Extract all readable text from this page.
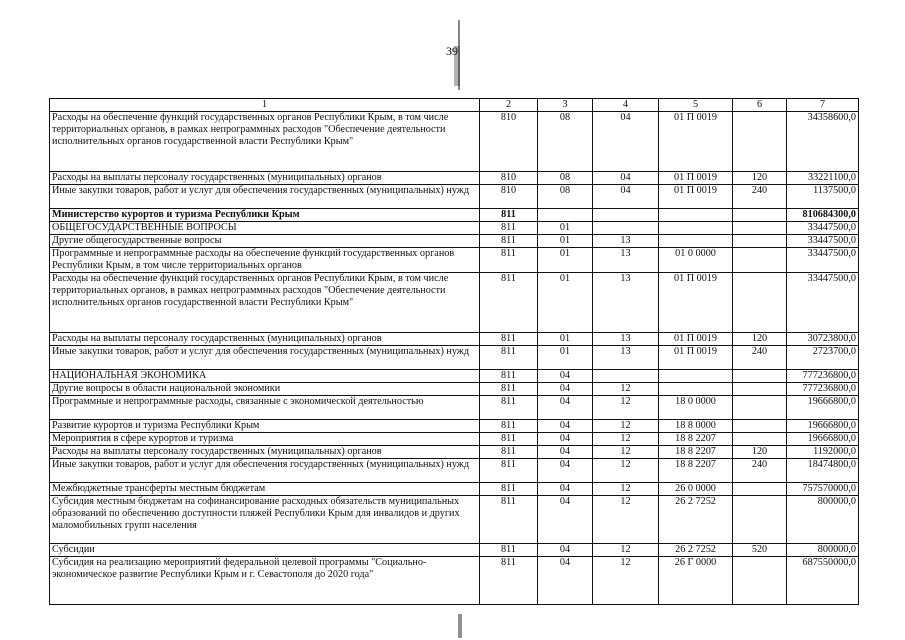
39
1	2	3	4	5	6	7
Расходы на обеспечение функций государственных органов Республики Крым, в том числе территориальных органов, в рамках непрограммных расходов "Обеспечение деятельности исполнительных органов государственной власти Республики Крым"	810	08	04	01 П 0019		34358600,0
Расходы на выплаты персоналу государственных (муниципальных) органов	810	08	04	01 П 0019	120	33221100,0
Иные закупки товаров, работ и услуг для обеспечения государственных (муниципальных) нужд	810	08	04	01 П 0019	240	1137500,0
Министерство курортов и туризма Республики Крым	811					810684300,0
ОБЩЕГОСУДАРСТВЕННЫЕ ВОПРОСЫ	811	01				33447500,0
Другие общегосударственные вопросы	811	01	13			33447500,0
Программные и непрограммные расходы на обеспечение функций государственных органов Республики Крым, в том числе территориальных органов	811	01	13	01 0 0000		33447500,0
Расходы на обеспечение функций государственных органов Республики Крым, в том числе территориальных органов, в рамках непрограммных расходов "Обеспечение деятельности исполнительных органов государственной власти Республики Крым"	811	01	13	01 П 0019		33447500,0
Расходы на выплаты персоналу государственных (муниципальных) органов	811	01	13	01 П 0019	120	30723800,0
Иные закупки товаров, работ и услуг для обеспечения государственных (муниципальных) нужд	811	01	13	01 П 0019	240	2723700,0
НАЦИОНАЛЬНАЯ ЭКОНОМИКА	811	04				777236800,0
Другие вопросы в области национальной экономики	811	04	12			777236800,0
Программные и непрограммные расходы, связанные с экономической деятельностью	811	04	12	18 0 0000		19666800,0
Развитие курортов и туризма Республики Крым	811	04	12	18 8 0000		19666800,0
Мероприятия в сфере курортов и туризма	811	04	12	18 8 2207		19666800,0
Расходы на выплаты персоналу государственных (муниципальных) органов	811	04	12	18 8 2207	120	1192000,0
Иные закупки товаров, работ и услуг для обеспечения государственных (муниципальных) нужд	811	04	12	18 8 2207	240	18474800,0
Межбюджетные трансферты местным бюджетам	811	04	12	26 0 0000		757570000,0
Субсидия местным бюджетам на софинансирование расходных обязательств муниципальных образований по обеспечению доступности пляжей Республики Крым для инвалидов и других маломобильных групп населения	811	04	12	26 2 7252		800000,0
Субсидии	811	04	12	26 2 7252	520	800000,0
Субсидия на реализацию мероприятий федеральной целевой программы "Социально-экономическое развитие Республики Крым и г. Севастополя до 2020 года"	811	04	12	26 Г 0000		687550000,0
